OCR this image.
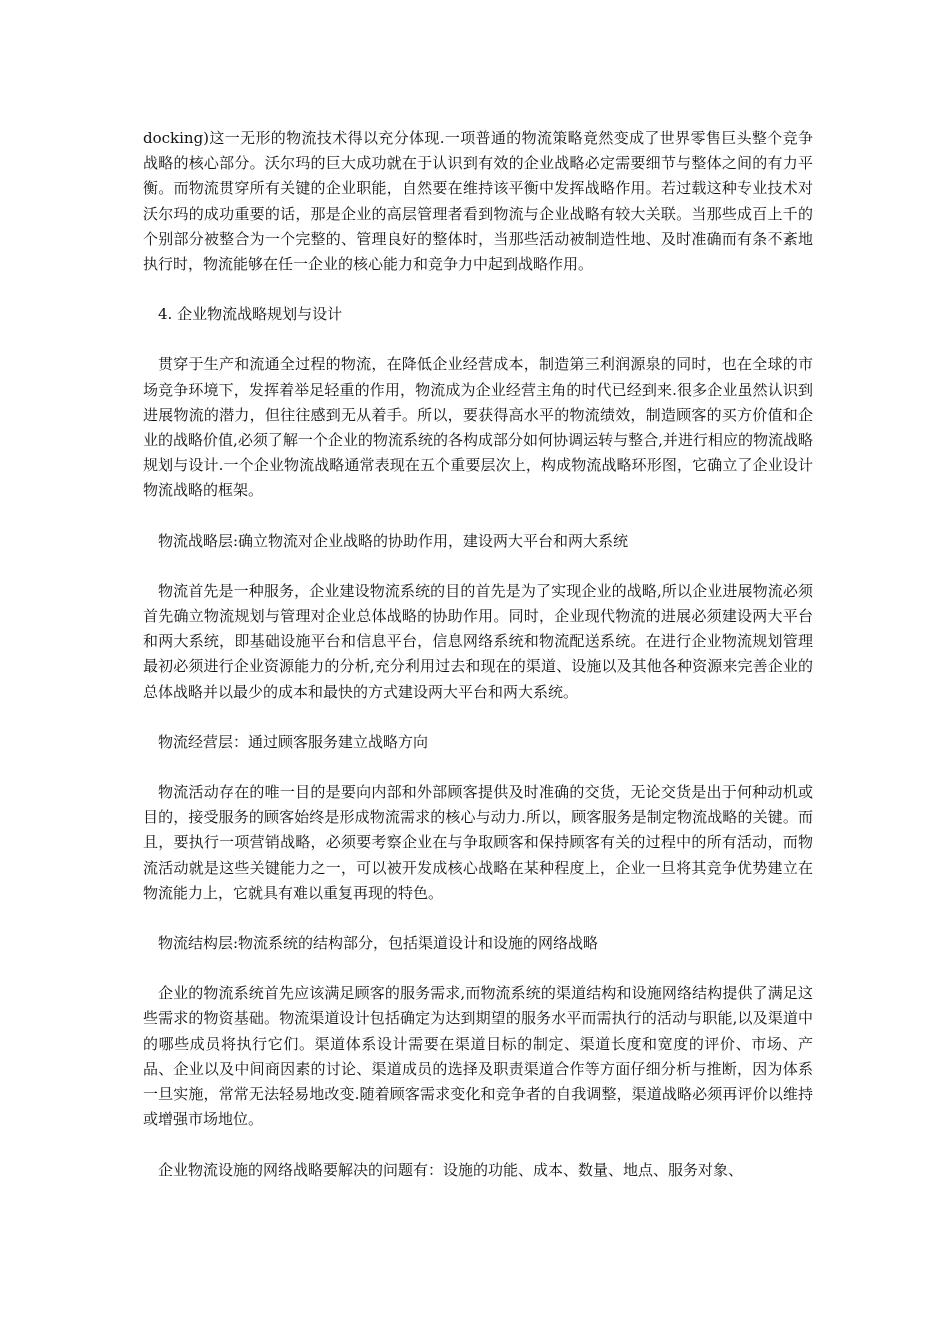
docking)这一无形的物流技术得以充分体现.一项普通的物流策略竟然变成了世界零售巨头整个竞争战略的核心部分。沃尔玛的巨大成功就在于认识到有效的企业战略必定需要细节与整体之间的有力平衡。而物流贯穿所有关键的企业职能，自然要在维持该平衡中发挥战略作用。若过载这种专业技术对沃尔玛的成功重要的话，那是企业的高层管理者看到物流与企业战略有较大关联。当那些成百上千的个别部分被整合为一个完整的、管理良好的整体时，当那些活动被制造性地、及时准确而有条不紊地执行时，物流能够在任一企业的核心能力和竞争力中起到战略作用。

4. 企业物流战略规划与设计

贯穿于生产和流通全过程的物流，在降低企业经营成本，制造第三利润源泉的同时，也在全球的市场竞争环境下，发挥着举足轻重的作用，物流成为企业经营主角的时代已经到来.很多企业虽然认识到进展物流的潜力，但往往感到无从着手。所以，要获得高水平的物流绩效，制造顾客的买方价值和企业的战略价值,必须了解一个企业的物流系统的各构成部分如何协调运转与整合,并进行相应的物流战略规划与设计.一个企业物流战略通常表现在五个重要层次上，构成物流战略环形图，它确立了企业设计物流战略的框架。

物流战略层:确立物流对企业战略的协助作用，建设两大平台和两大系统

物流首先是一种服务，企业建设物流系统的目的首先是为了实现企业的战略,所以企业进展物流必须首先确立物流规划与管理对企业总体战略的协助作用。同时，企业现代物流的进展必须建设两大平台和两大系统，即基础设施平台和信息平台，信息网络系统和物流配送系统。在进行企业物流规划管理最初必须进行企业资源能力的分析,充分利用过去和现在的渠道、设施以及其他各种资源来完善企业的总体战略并以最少的成本和最快的方式建设两大平台和两大系统。

物流经营层：通过顾客服务建立战略方向

物流活动存在的唯一目的是要向内部和外部顾客提供及时准确的交货，无论交货是出于何种动机或目的，接受服务的顾客始终是形成物流需求的核心与动力.所以，顾客服务是制定物流战略的关键。而且，要执行一项营销战略，必须要考察企业在与争取顾客和保持顾客有关的过程中的所有活动，而物流活动就是这些关键能力之一，可以被开发成核心战略在某种程度上，企业一旦将其竞争优势建立在物流能力上，它就具有难以重复再现的特色。

物流结构层:物流系统的结构部分，包括渠道设计和设施的网络战略

企业的物流系统首先应该满足顾客的服务需求,而物流系统的渠道结构和设施网络结构提供了满足这些需求的物资基础。物流渠道设计包括确定为达到期望的服务水平而需执行的活动与职能,以及渠道中的哪些成员将执行它们。渠道体系设计需要在渠道目标的制定、渠道长度和宽度的评价、市场、产品、企业以及中间商因素的讨论、渠道成员的选择及职责渠道合作等方面仔细分析与推断，因为体系一旦实施，常常无法轻易地改变.随着顾客需求变化和竞争者的自我调整，渠道战略必须再评价以维持或增强市场地位。

企业物流设施的网络战略要解决的问题有：设施的功能、成本、数量、地点、服务对象、
